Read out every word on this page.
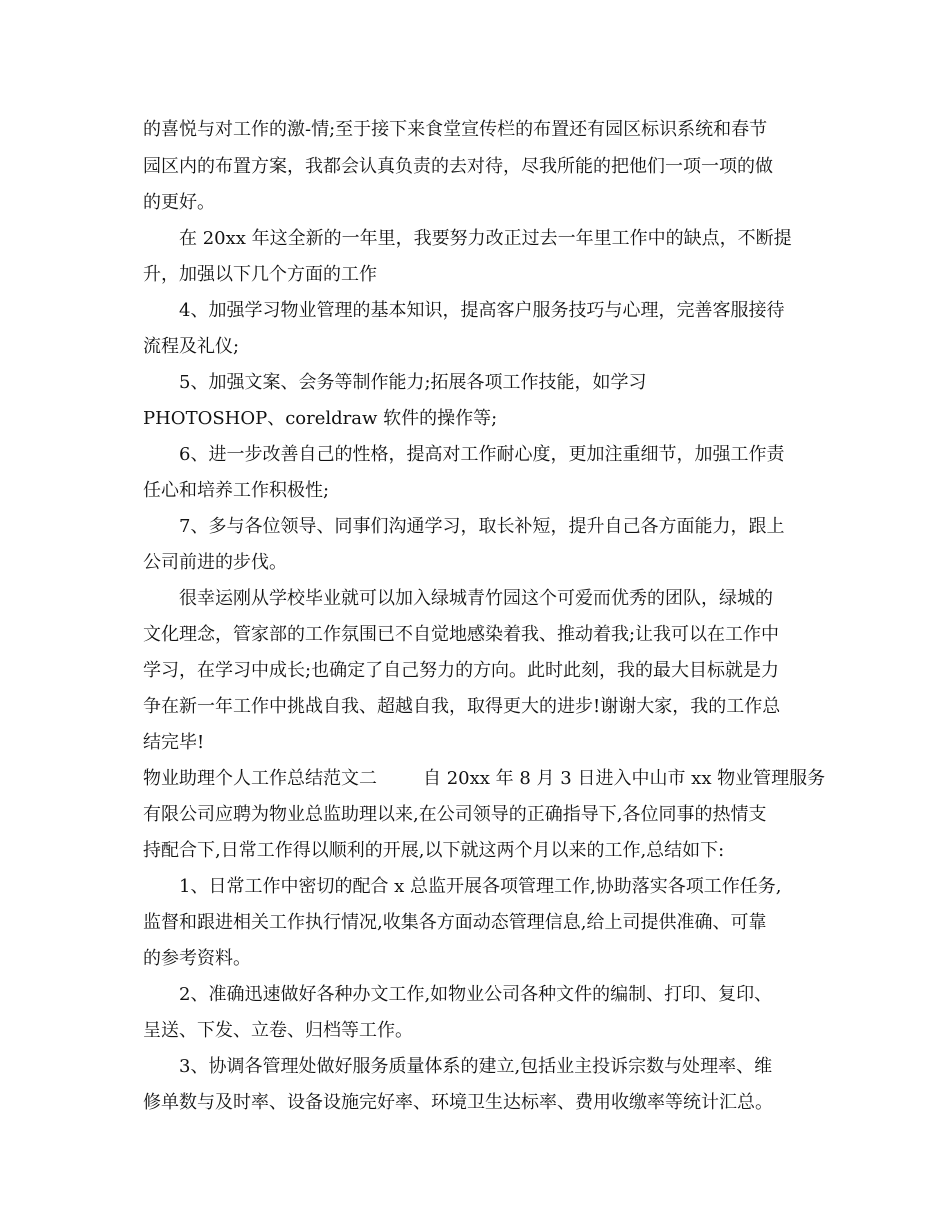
的喜悦与对工作的激-情;至于接下来食堂宣传栏的布置还有园区标识系统和春节
园区内的布置方案，我都会认真负责的去对待，尽我所能的把他们一项一项的做
的更好。
在 20xx 年这全新的一年里，我要努力改正过去一年里工作中的缺点，不断提
升，加强以下几个方面的工作
4、加强学习物业管理的基本知识，提高客户服务技巧与心理，完善客服接待
流程及礼仪;
5、加强文案、会务等制作能力;拓展各项工作技能，如学习
PHOTOSHOP、coreldraw 软件的操作等;
6、进一步改善自己的性格，提高对工作耐心度，更加注重细节，加强工作责
任心和培养工作积极性;
7、多与各位领导、同事们沟通学习，取长补短，提升自己各方面能力，跟上
公司前进的步伐。
很幸运刚从学校毕业就可以加入绿城青竹园这个可爱而优秀的团队，绿城的
文化理念，管家部的工作氛围已不自觉地感染着我、推动着我;让我可以在工作中
学习，在学习中成长;也确定了自己努力的方向。此时此刻，我的最大目标就是力
争在新一年工作中挑战自我、超越自我，取得更大的进步!谢谢大家，我的工作总
结完毕!
物业助理个人工作总结范文二	自 20xx 年 8 月 3 日进入中山市 xx 物业管理服务
有限公司应聘为物业总监助理以来,在公司领导的正确指导下,各位同事的热情支
持配合下,日常工作得以顺利的开展,以下就这两个月以来的工作,总结如下:
1、日常工作中密切的配合 x 总监开展各项管理工作,协助落实各项工作任务,
监督和跟进相关工作执行情况,收集各方面动态管理信息,给上司提供准确、可靠
的参考资料。
2、准确迅速做好各种办文工作,如物业公司各种文件的编制、打印、复印、
呈送、下发、立卷、归档等工作。
3、协调各管理处做好服务质量体系的建立,包括业主投诉宗数与处理率、维
修单数与及时率、设备设施完好率、环境卫生达标率、费用收缴率等统计汇总。
